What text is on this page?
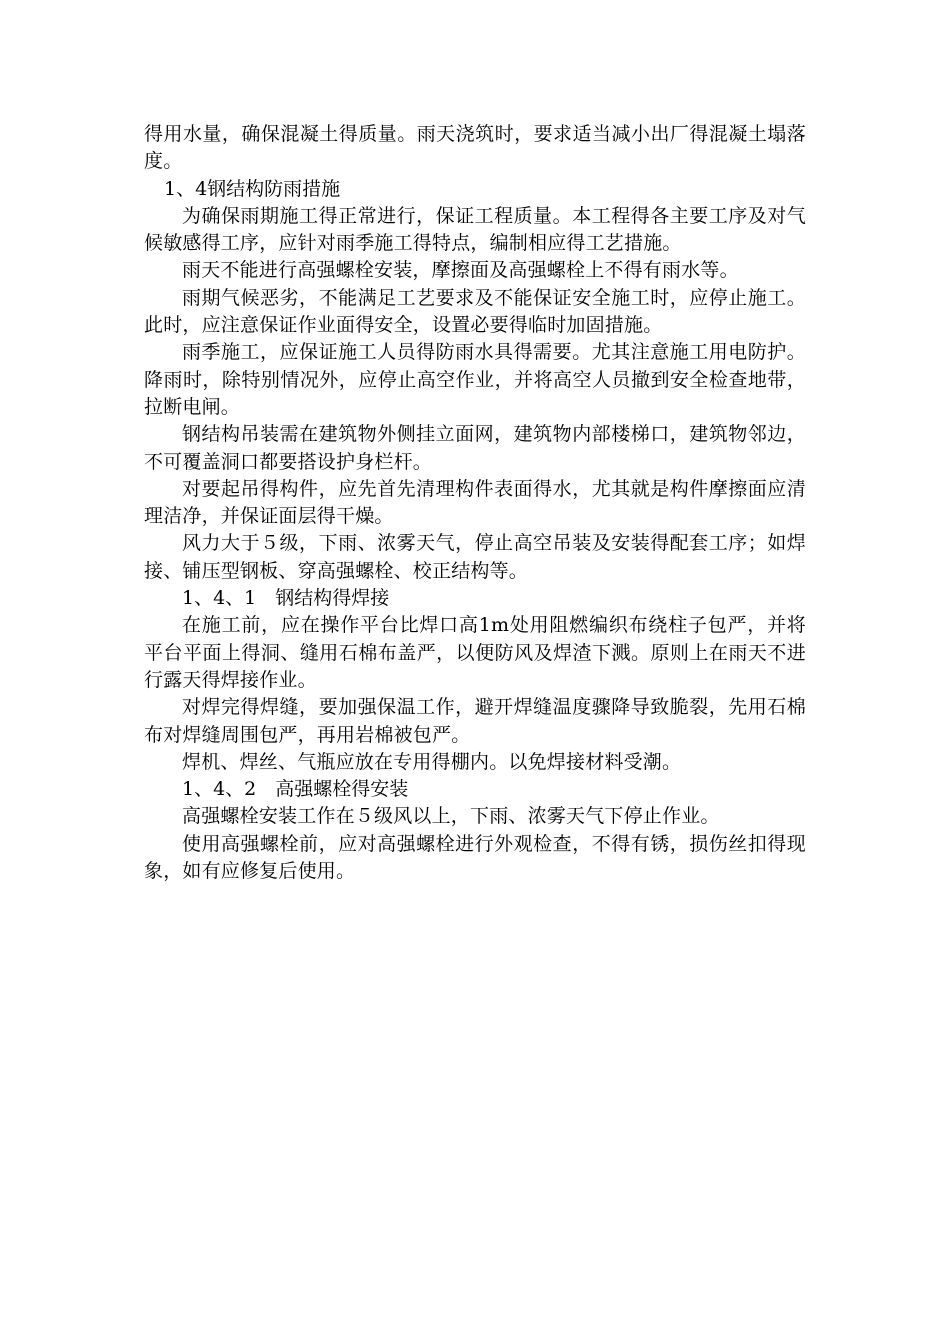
得用水量，确保混凝土得质量。雨天浇筑时，要求适当减小出厂得混凝土塌落度。

1、4钢结构防雨措施

为确保雨期施工得正常进行，保证工程质量。本工程得各主要工序及对气候敏感得工序，应针对雨季施工得特点，编制相应得工艺措施。

雨天不能进行高强螺栓安装，摩擦面及高强螺栓上不得有雨水等。

雨期气候恶劣，不能满足工艺要求及不能保证安全施工时，应停止施工。此时，应注意保证作业面得安全，设置必要得临时加固措施。

雨季施工，应保证施工人员得防雨水具得需要。尤其注意施工用电防护。降雨时，除特别情况外，应停止高空作业，并将高空人员撤到安全检查地带，拉断电闸。

钢结构吊装需在建筑物外侧挂立面网，建筑物内部楼梯口，建筑物邻边，不可覆盖洞口都要搭设护身栏杆。

对要起吊得构件，应先首先清理构件表面得水，尤其就是构件摩擦面应清理洁净，并保证面层得干燥。

风力大于５级，下雨、浓雾天气，停止高空吊装及安装得配套工序；如焊接、铺压型钢板、穿高强螺栓、校正结构等。

1、4、1　钢结构得焊接

在施工前，应在操作平台比焊口高1m处用阻燃编织布绕柱子包严，并将平台平面上得洞、缝用石棉布盖严，以便防风及焊渣下溅。原则上在雨天不进行露天得焊接作业。

对焊完得焊缝，要加强保温工作，避开焊缝温度骤降导致脆裂，先用石棉布对焊缝周围包严，再用岩棉被包严。

焊机、焊丝、气瓶应放在专用得棚内。以免焊接材料受潮。

1、4、2　高强螺栓得安装

高强螺栓安装工作在５级风以上，下雨、浓雾天气下停止作业。

使用高强螺栓前，应对高强螺栓进行外观检查，不得有锈，损伤丝扣得现象，如有应修复后使用。
